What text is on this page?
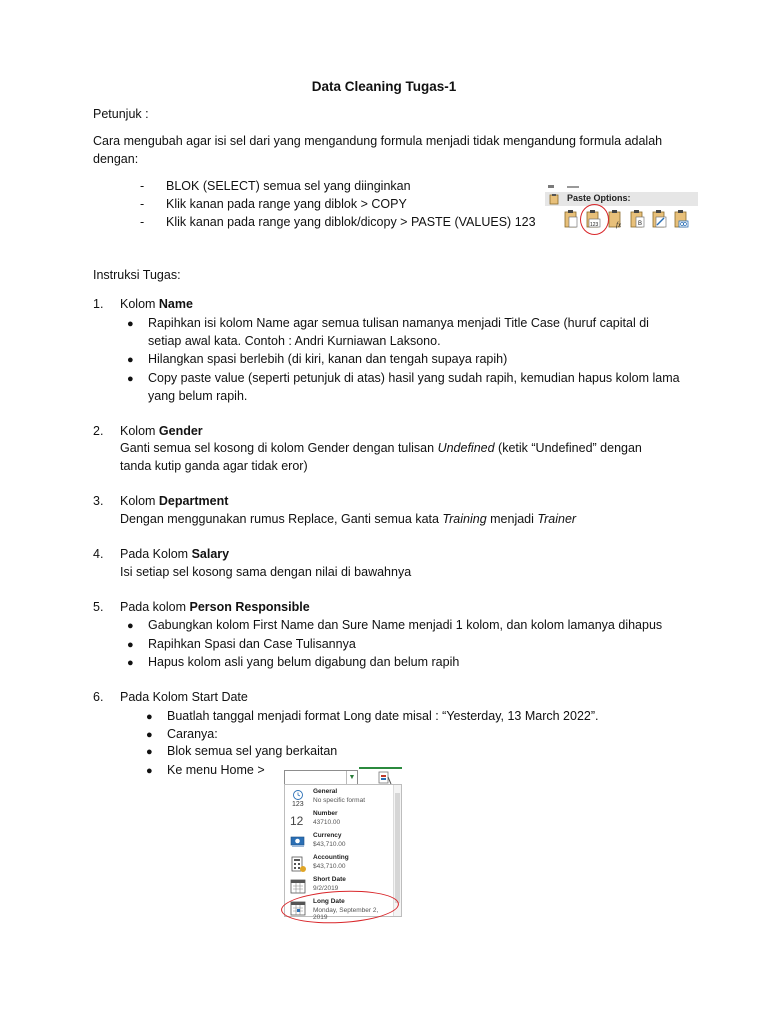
Data Cleaning Tugas-1
Petunjuk :
Cara mengubah agar isi sel dari yang mengandung formula menjadi tidak mengandung formula adalah
dengan:
- BLOK (SELECT) semua sel yang diinginkan
- Klik kanan pada range yang diblok > COPY
- Klik kanan pada range yang diblok/dicopy > PASTE (VALUES) 123
Paste Options:
123	fx	B
Instruksi Tugas:
1. Kolom Name
● Rapihkan isi kolom Name agar semua tulisan namanya menjadi Title Case (huruf capital di
setiap awal kata. Contoh : Andri Kurniawan Laksono.
● Hilangkan spasi berlebih (di kiri, kanan dan tengah supaya rapih)
● Copy paste value (seperti petunjuk di atas) hasil yang sudah rapih, kemudian hapus kolom lama
yang belum rapih.
2. Kolom Gender
Ganti semua sel kosong di kolom Gender dengan tulisan Undefined (ketik “Undefined” dengan
tanda kutip ganda agar tidak eror)
3. Kolom Department
Dengan menggunakan rumus Replace, Ganti semua kata Training menjadi Trainer
4. Pada Kolom Salary
Isi setiap sel kosong sama dengan nilai di bawahnya
5. Pada kolom Person Responsible
● Gabungkan kolom First Name dan Sure Name menjadi 1 kolom, dan kolom lamanya dihapus
● Rapihkan Spasi dan Case Tulisannya
● Hapus kolom asli yang belum digabung dan belum rapih
6. Pada Kolom Start Date
● Buatlah tanggal menjadi format Long date misal : “Yesterday, 13 March 2022”.
● Caranya:
● Blok semua sel yang berkaitan
● Ke menu Home >
▼
123
General
No specific format
12
Number
43710.00
Currency
$43,710.00
Accounting
$43,710.00
Short Date
9/2/2019
Long Date
Monday, September 2, 2019
